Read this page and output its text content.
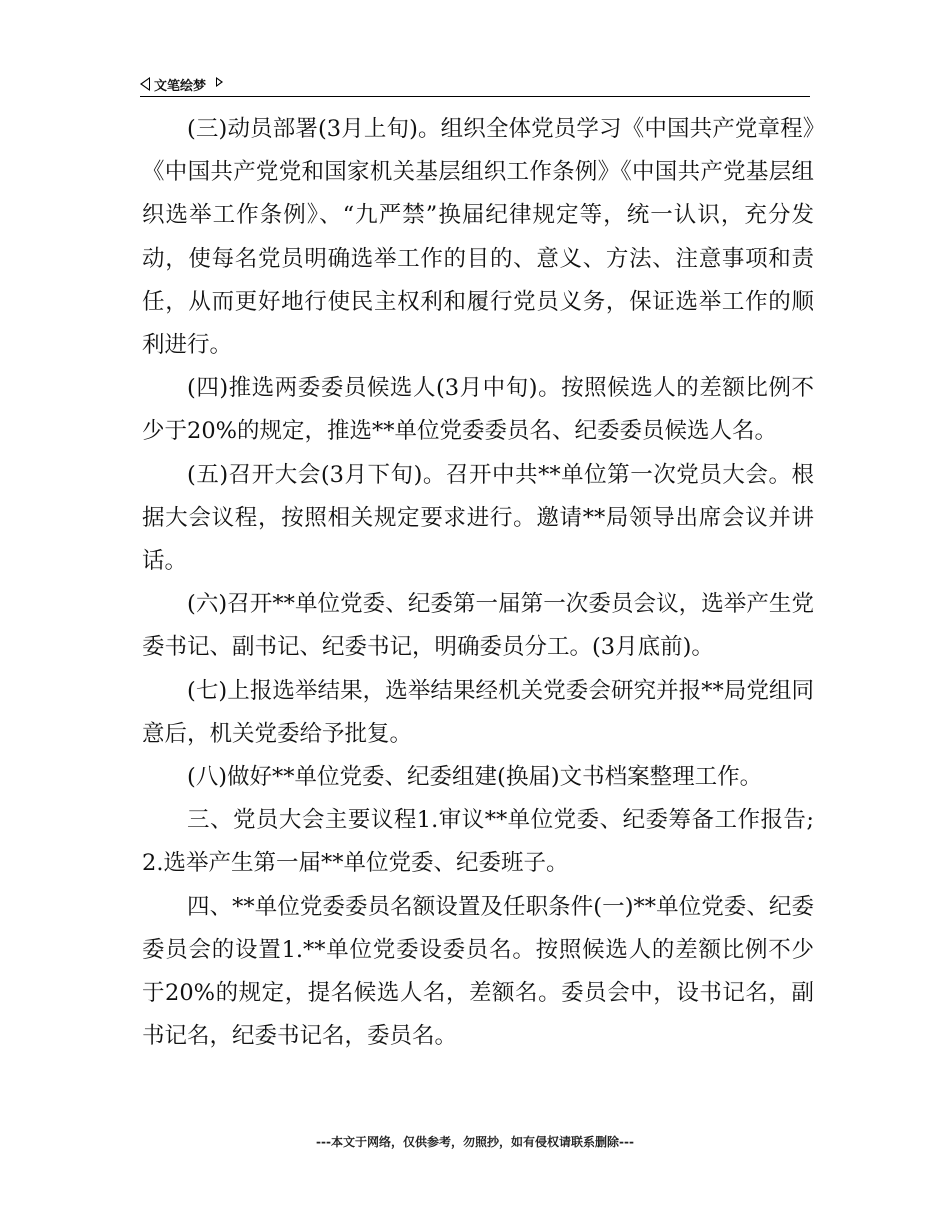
文笔绘梦

(三)动员部署(3月上旬)。组织全体党员学习《中国共产党章程》《中国共产党党和国家机关基层组织工作条例》《中国共产党基层组织选举工作条例》、“九严禁”换届纪律规定等，统一认识，充分发动，使每名党员明确选举工作的目的、意义、方法、注意事项和责任，从而更好地行使民主权利和履行党员义务，保证选举工作的顺利进行。

(四)推选两委委员候选人(3月中旬)。按照候选人的差额比例不少于20%的规定，推选**单位党委委员名、纪委委员候选人名。

(五)召开大会(3月下旬)。召开中共**单位第一次党员大会。根据大会议程，按照相关规定要求进行。邀请**局领导出席会议并讲话。

(六)召开**单位党委、纪委第一届第一次委员会议，选举产生党委书记、副书记、纪委书记，明确委员分工。(3月底前)。

(七)上报选举结果，选举结果经机关党委会研究并报**局党组同意后，机关党委给予批复。

(八)做好**单位党委、纪委组建(换届)文书档案整理工作。

三、党员大会主要议程1.审议**单位党委、纪委筹备工作报告;2.选举产生第一届**单位党委、纪委班子。

四、**单位党委委员名额设置及任职条件(一)**单位党委、纪委委员会的设置1.**单位党委设委员名。按照候选人的差额比例不少于20%的规定，提名候选人名，差额名。委员会中，设书记名，副书记名，纪委书记名，委员名。

---本文于网络，仅供参考，勿照抄，如有侵权请联系删除---
